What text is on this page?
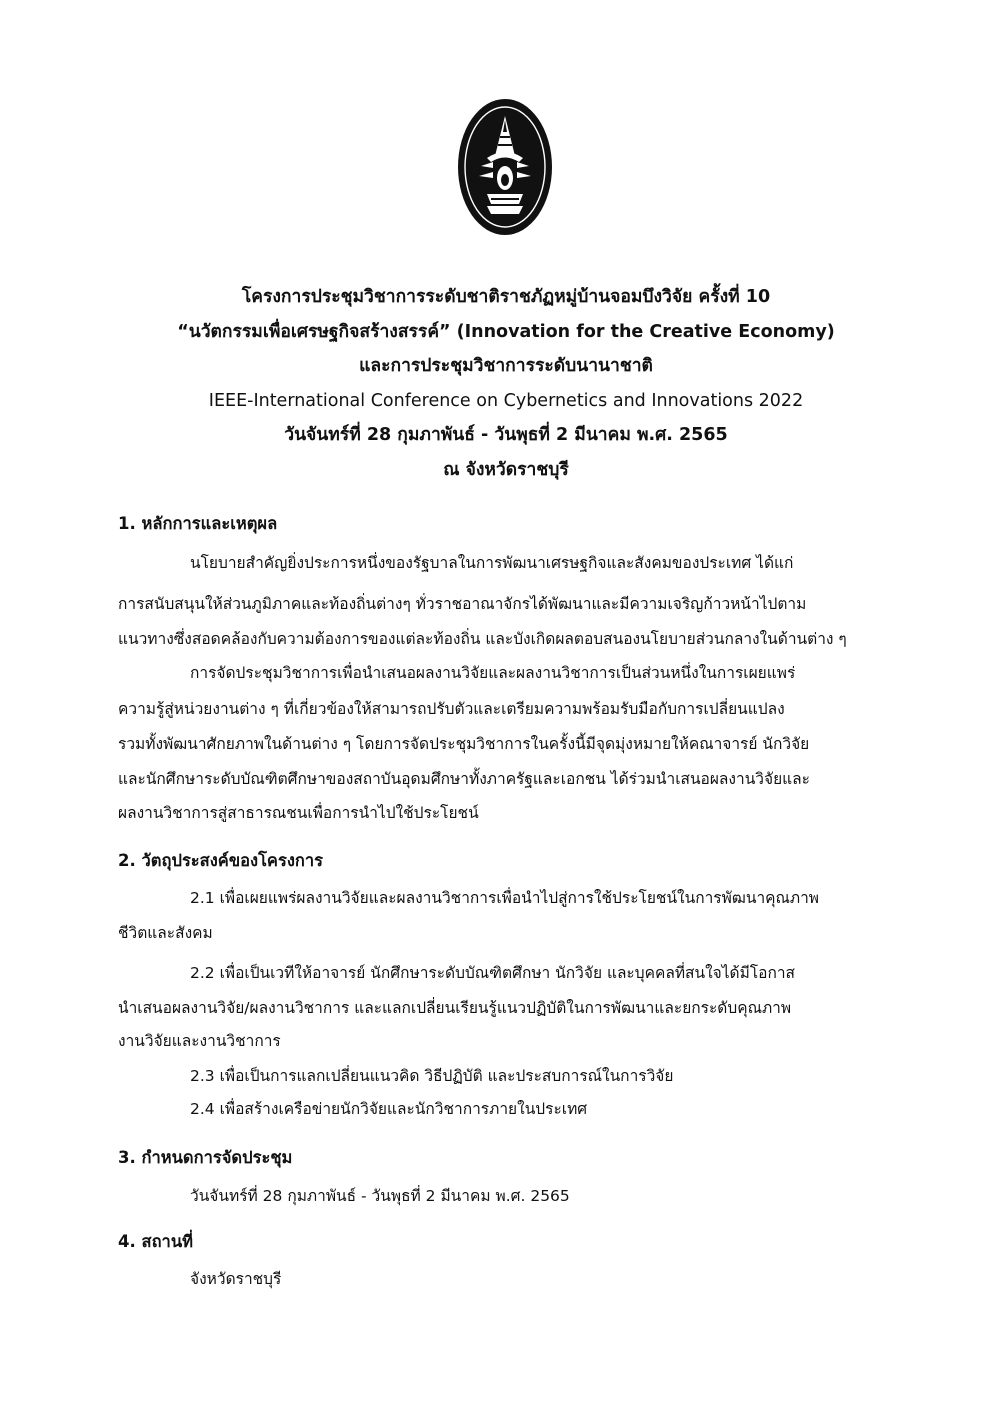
โครงการประชุมวิชาการระดับชาติราชภัฏหมู่บ้านจอมบึงวิจัย ครั้งที่ 10
“นวัตกรรมเพื่อเศรษฐกิจสร้างสรรค์” (Innovation for the Creative Economy)
และการประชุมวิชาการระดับนานาชาติ
IEEE-International Conference on Cybernetics and Innovations 2022
วันจันทร์ที่ 28 กุมภาพันธ์ - วันพุธที่ 2 มีนาคม พ.ศ. 2565
ณ จังหวัดราชบุรี
1. หลักการและเหตุผล
นโยบายสำคัญยิ่งประการหนึ่งของรัฐบาลในการพัฒนาเศรษฐกิจและสังคมของประเทศ ได้แก่
การสนับสนุนให้ส่วนภูมิภาคและท้องถิ่นต่างๆ ทั่วราชอาณาจักรได้พัฒนาและมีความเจริญก้าวหน้าไปตาม
แนวทางซึ่งสอดคล้องกับความต้องการของแต่ละท้องถิ่น และบังเกิดผลตอบสนองนโยบายส่วนกลางในด้านต่าง ๆ
การจัดประชุมวิชาการเพื่อนำเสนอผลงานวิจัยและผลงานวิชาการเป็นส่วนหนึ่งในการเผยแพร่
ความรู้สู่หน่วยงานต่าง ๆ ที่เกี่ยวข้องให้สามารถปรับตัวและเตรียมความพร้อมรับมือกับการเปลี่ยนแปลง
รวมทั้งพัฒนาศักยภาพในด้านต่าง ๆ โดยการจัดประชุมวิชาการในครั้งนี้มีจุดมุ่งหมายให้คณาจารย์ นักวิจัย
และนักศึกษาระดับบัณฑิตศึกษาของสถาบันอุดมศึกษาทั้งภาครัฐและเอกชน ได้ร่วมนำเสนอผลงานวิจัยและ
ผลงานวิชาการสู่สาธารณชนเพื่อการนำไปใช้ประโยชน์
2. วัตถุประสงค์ของโครงการ
2.1 เพื่อเผยแพร่ผลงานวิจัยและผลงานวิชาการเพื่อนำไปสู่การใช้ประโยชน์ในการพัฒนาคุณภาพ
ชีวิตและสังคม
2.2 เพื่อเป็นเวทีให้อาจารย์ นักศึกษาระดับบัณฑิตศึกษา นักวิจัย และบุคคลที่สนใจได้มีโอกาส
นำเสนอผลงานวิจัย/ผลงานวิชาการ และแลกเปลี่ยนเรียนรู้แนวปฏิบัติในการพัฒนาและยกระดับคุณภาพ
งานวิจัยและงานวิชาการ
2.3 เพื่อเป็นการแลกเปลี่ยนแนวคิด วิธีปฏิบัติ และประสบการณ์ในการวิจัย
2.4 เพื่อสร้างเครือข่ายนักวิจัยและนักวิชาการภายในประเทศ
3. กำหนดการจัดประชุม
วันจันทร์ที่ 28 กุมภาพันธ์ - วันพุธที่ 2 มีนาคม พ.ศ. 2565
4. สถานที่
จังหวัดราชบุรี
